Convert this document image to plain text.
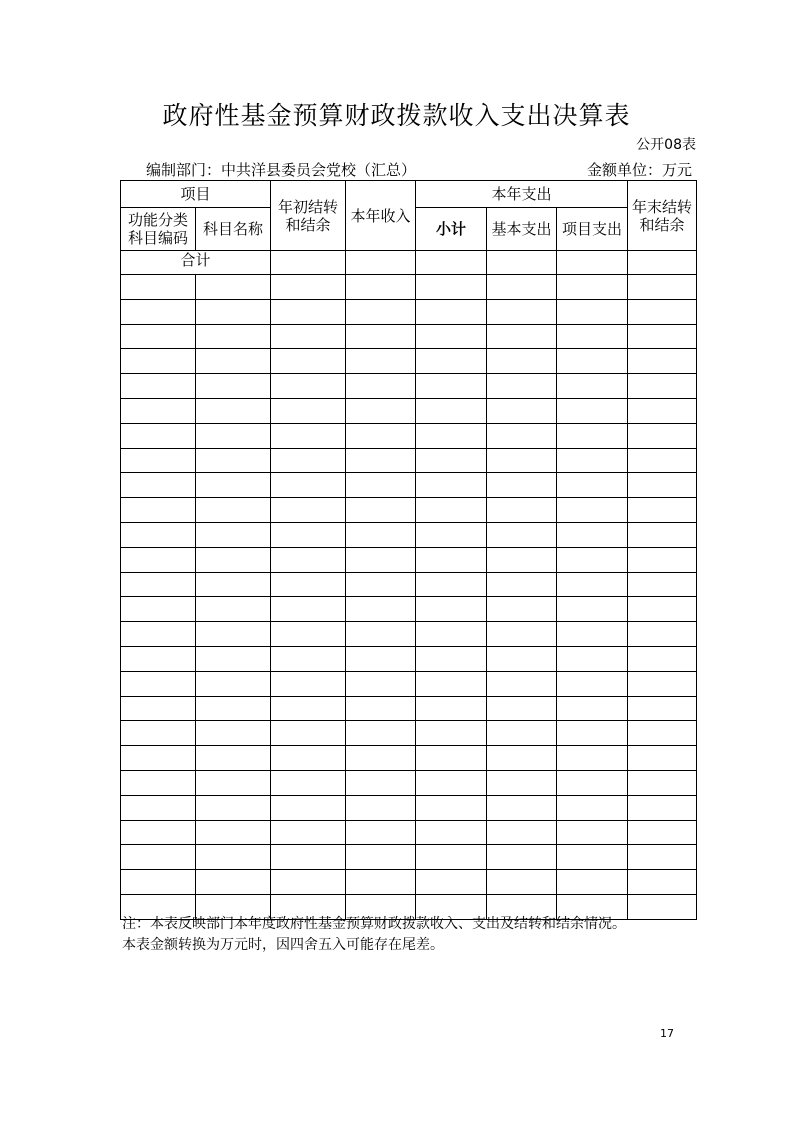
政府性基金预算财政拨款收入支出决算表
公开08表
编制部门：中共洋县委员会党校（汇总）	金额单位：万元
项目		年初结转和结余	本年收入	本年支出			年末结转和结余
功能分类科目编码	科目名称			小计	基本支出	项目支出	
合计							

注：本表反映部门本年度政府性基金预算财政拨款收入、支出及结转和结余情况。
本表金额转换为万元时，因四舍五入可能存在尾差。
17
